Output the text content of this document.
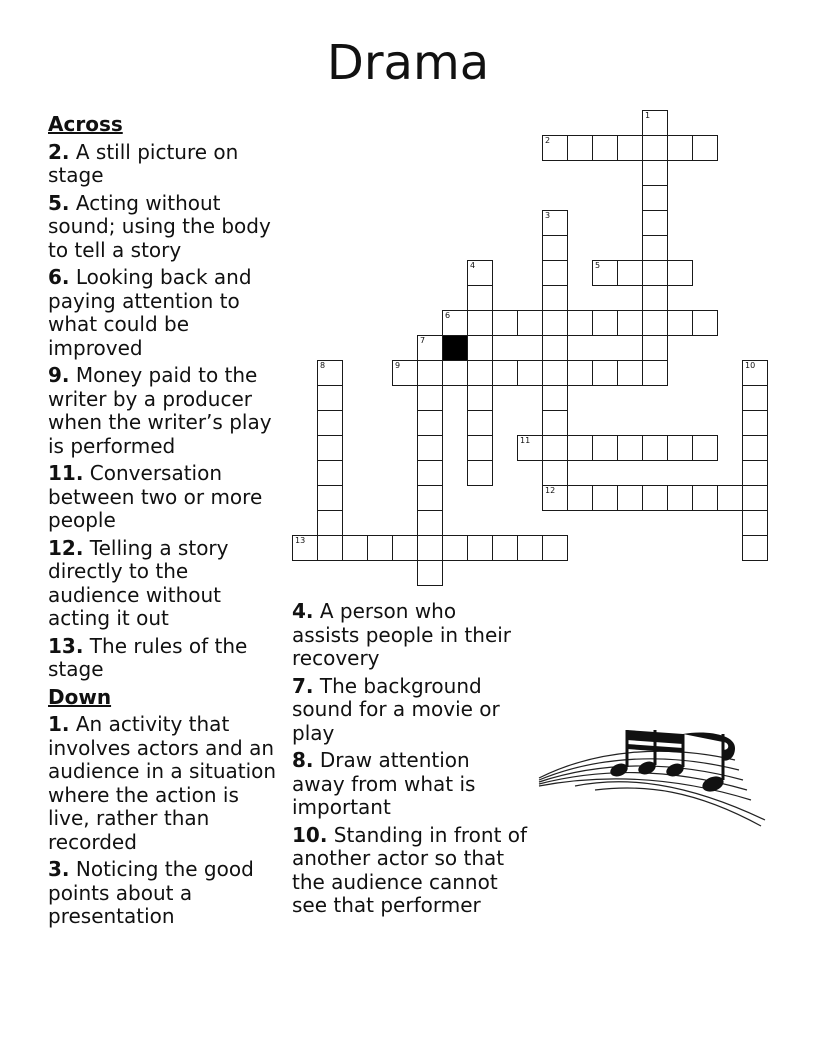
Drama
Across
2. A still picture on stage
5. Acting without sound; using the body to tell a story
6. Looking back and paying attention to what could be improved
9. Money paid to the writer by a producer when the writer’s play is performed
11. Conversation between two or more people
12. Telling a story directly to the audience without acting it out
13. The rules of the stage
Down
1. An activity that involves actors and an audience in a situation where the action is live, rather than recorded
3. Noticing the good points about a presentation
4. A person who assists people in their recovery
7. The background sound for a movie or play
8. Draw attention away from what is important
10. Standing in front of another actor so that the audience cannot see that performer
1
2
3
12
4	5
6
7
8	9	10
11
13
